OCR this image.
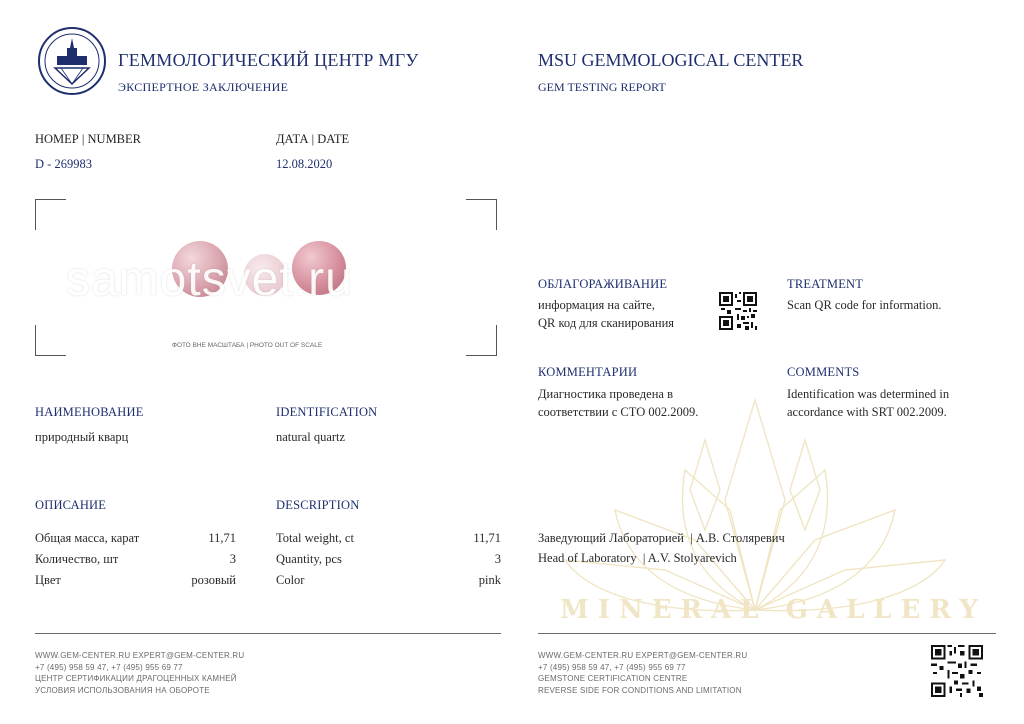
MINERAL GALLERY
ГЕММОЛОГИЧЕСКИЙ ЦЕНТР МГУ
ЭКСПЕРТНОЕ ЗАКЛЮЧЕНИЕ
MSU GEMMOLOGICAL CENTER
GEM TESTING REPORT
НОМЕР | NUMBER
D - 269983
ДАТА | DATE
12.08.2020
samotsvet.ru
ФОТО ВНЕ МАСШТАБА | PHOTO OUT OF SCALE
НАИМЕНОВАНИЕ
природный кварц
IDENTIFICATION
natural quartz
ОПИСАНИЕ	DESCRIPTION
Общая масса, карат	11,71
Количество, шт	3
Цвет	розовый
Total weight, ct	11,71
Quantity, pcs	3
Color	pink
ОБЛАГОРАЖИВАНИЕ
информация на сайте,
QR код для сканирования
TREATMENT
Scan QR code for information.
КОММЕНТАРИИ
Диагностика проведена в
соответствии с СТО 002.2009.
COMMENTS
Identification was determined in
accordance with SRT 002.2009.
Заведующий Лабораторией  | А.В. Столяревич
Head of Laboratory  | A.V. Stolyarevich
WWW.GEM-CENTER.RU EXPERT@GEM-CENTER.RU
+7 (495) 958 59 47, +7 (495) 955 69 77
ЦЕНТР СЕРТИФИКАЦИИ ДРАГОЦЕННЫХ КАМНЕЙ
УСЛОВИЯ ИСПОЛЬЗОВАНИЯ НА ОБОРОТЕ
WWW.GEM-CENTER.RU EXPERT@GEM-CENTER.RU
+7 (495) 958 59 47, +7 (495) 955 69 77
GEMSTONE CERTIFICATION CENTRE
REVERSE SIDE FOR CONDITIONS AND LIMITATION
